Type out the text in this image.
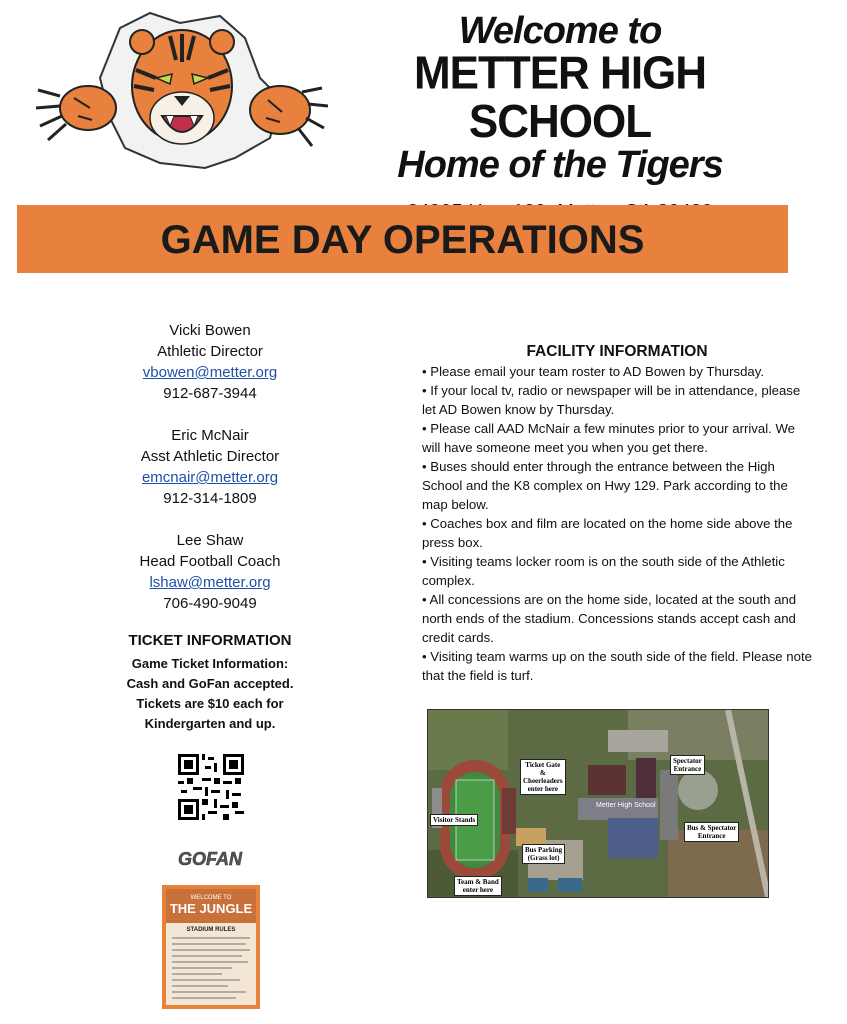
Welcome to
METTER HIGH SCHOOL
Home of the Tigers
GAME DAY OPERATIONS
Vicki Bowen
Athletic Director
vbowen@metter.org
912-687-3944
Eric McNair
Asst Athletic Director
emcnair@metter.org
912-314-1809
Lee Shaw
Head Football Coach
lshaw@metter.org
706-490-9049
TICKET INFORMATION
Game Ticket Information:
Cash and GoFan accepted.
Tickets are $10 each for
Kindergarten and up.
GOFAN
WELCOME TO
THE JUNGLE
STADIUM RULES
FACILITY INFORMATION

• Please email your team roster to AD Bowen by Thursday.

• If your local tv, radio or newspaper will be in attendance, please let AD Bowen know by Thursday.

• Please call AAD McNair a few minutes prior to your arrival. We will have someone meet you when you get there.

• Buses should enter through the entrance between the High School and the K8 complex on Hwy 129. Park according to the map below.

• Coaches box and film are located on the home side above the press box.

• Visiting teams locker room is on the south side of the Athletic complex.

• All concessions are on the home side, located at the south and north ends of the stadium. Concessions stands accept cash and credit cards.

• Visiting team warms up on the south side of the field. Please note that the field is turf.

Ticket Gate
&
Cheerleaders
enter here
Spectator
Entrance
Metter High School
Visitor Stands
Bus & Spectator
Entrance
Bus Parking
(Grass lot)
Team & Band
enter here
